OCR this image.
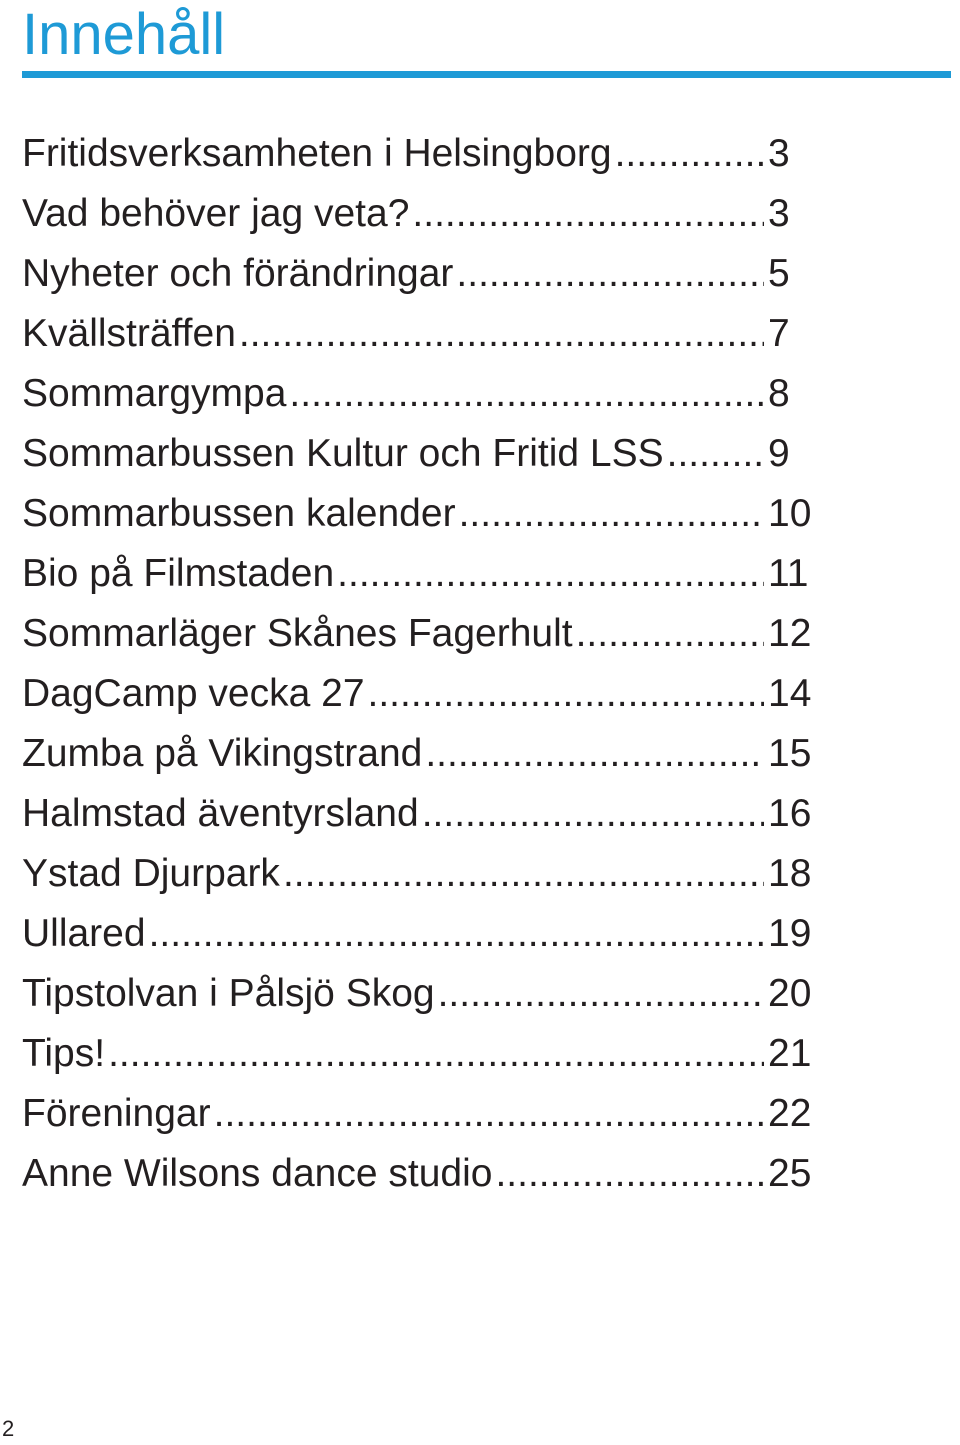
Innehåll
Fritidsverksamheten i Helsingborg .....	3
Vad behöver jag veta? .....	3
Nyheter och förändringar .....	5
Kvällsträffen .....	7
Sommargympa .....	8
Sommarbussen Kultur och Fritid LSS .....	9
Sommarbussen kalender .....	10
Bio på Filmstaden .....	11
Sommarläger Skånes Fagerhult .....	12
DagCamp vecka 27 .....	14
Zumba på Vikingstrand .....	15
Halmstad äventyrsland .....	16
Ystad Djurpark .....	18
Ullared .....	19
Tipstolvan i Pålsjö Skog .....	20
Tips! .....	21
Föreningar .....	22
Anne Wilsons dance studio .....	25
2
